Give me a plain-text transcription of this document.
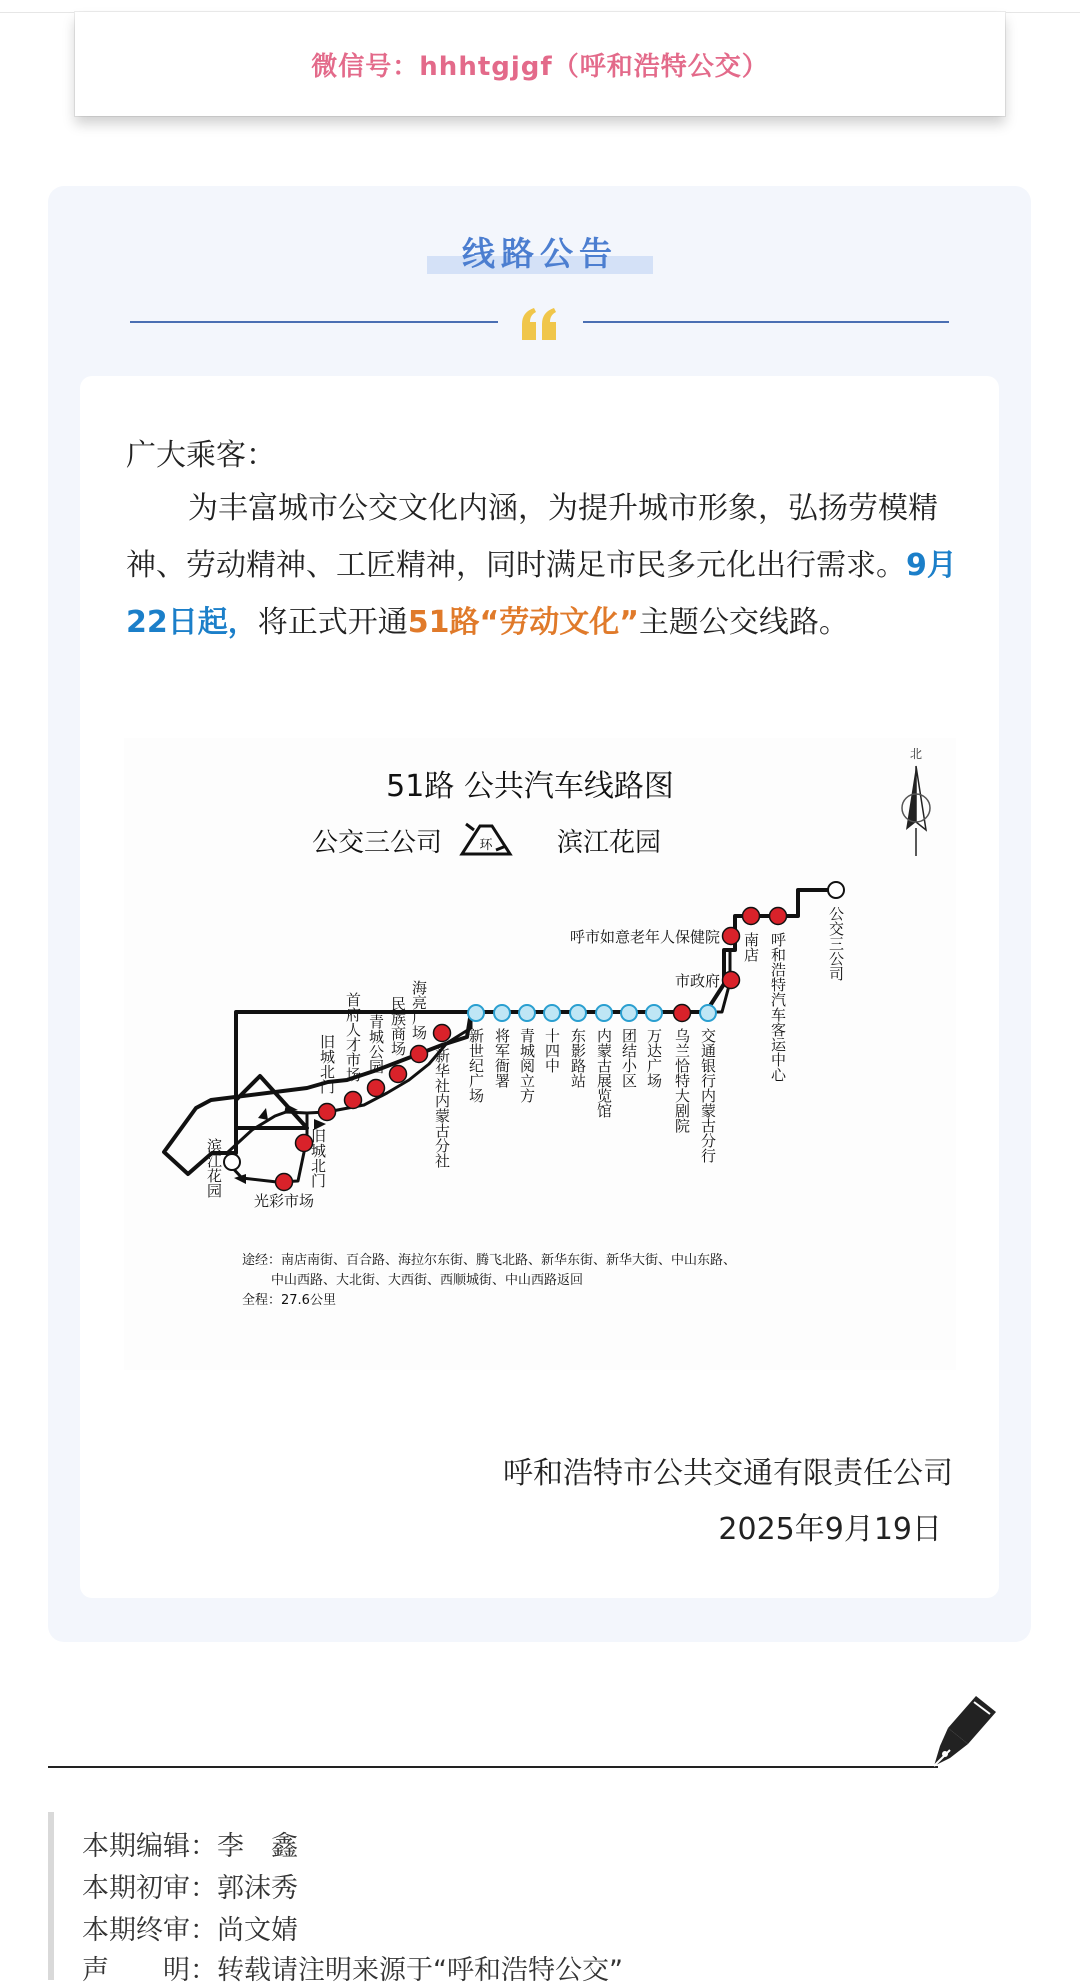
微信号：hhhtgjgf（呼和浩特公交）
线路公告
广大乘客：
为丰富城市公交文化内涵，为提升城市形象，弘扬劳模精神、劳动精神、工匠精神，同时满足市民多元化出行需求。9月22日起，将正式开通51路“劳动文化”主题公交线路。
51路 公共汽车线路图
公交三公司	环 滨江花园
北
公交三公司
呼和浩特汽车客运中心
南店
呼市如意老年人保健院
市政府
交通银行内蒙古分行
乌兰恰特大剧院
万达广场
团结小区
内蒙古展览馆
东影路站
十四中
青城阅立方
将军衙署
新世纪广场
新华社内蒙古分社
海亮广场
民族商场
青城公园
首府人才市场
旧城北门
旧城北门
光彩市场
滨江花园
途经：南店南街、百合路、海拉尔东街、腾飞北路、新华东街、新华大街、中山东路、
中山西路、大北街、大西街、西顺城街、中山西路返回
全程：27.6公里
呼和浩特市公共交通有限责任公司
2025年9月19日
本期编辑：李　鑫
本期初审：郭沫秀
本期终审：尚文婧
声　　明：转载请注明来源于“呼和浩特公交”
